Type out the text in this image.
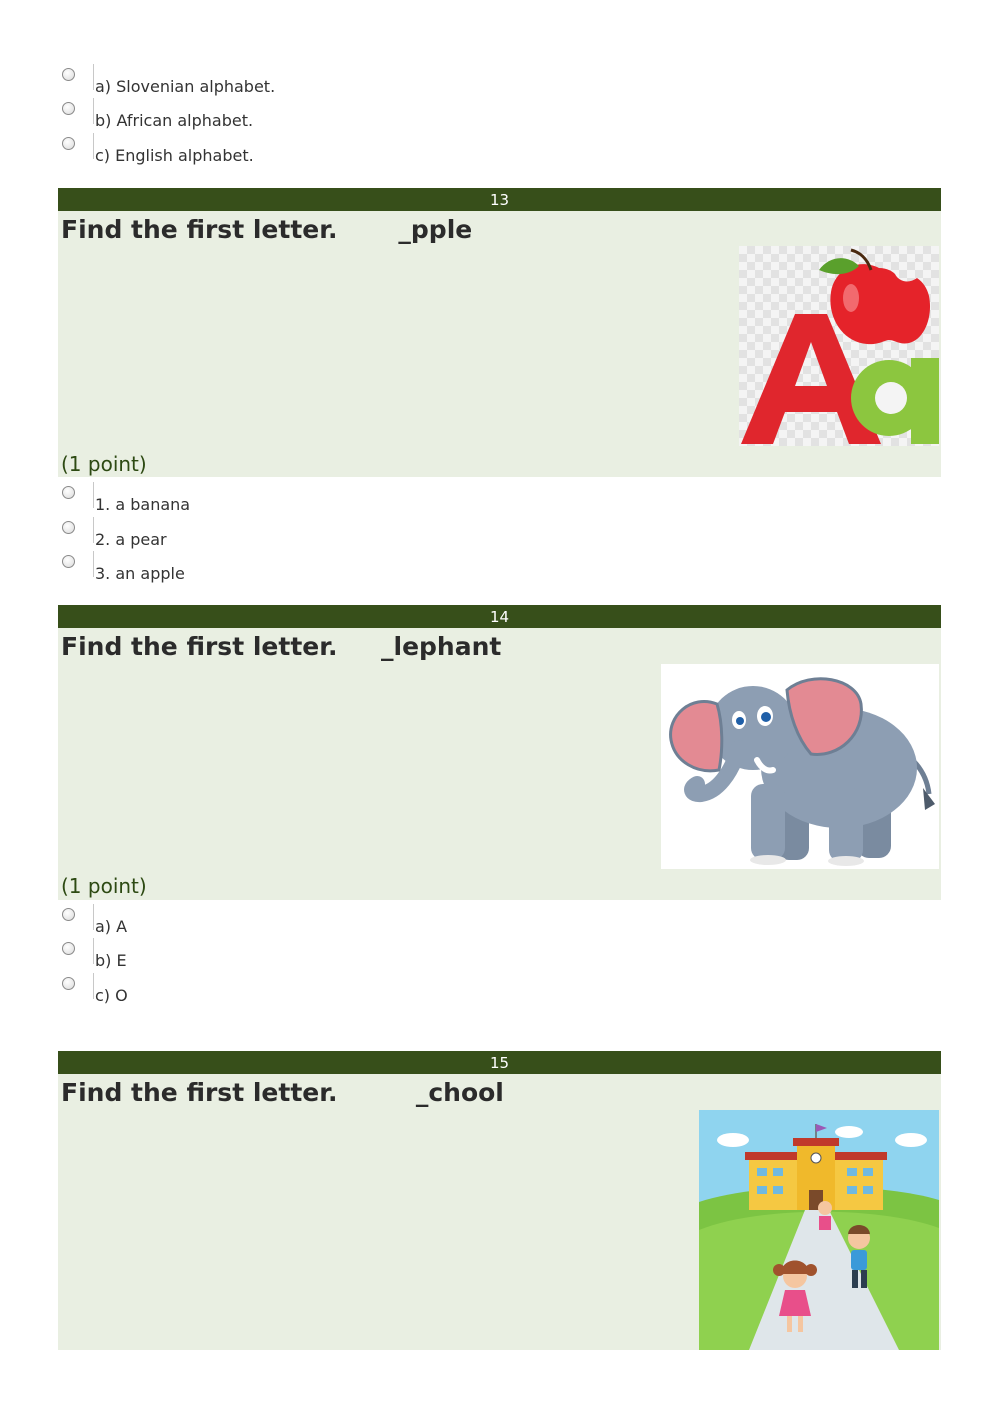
a) Slovenian alphabet.
b) African alphabet.
c) English alphabet.
13
Find the first letter.       _pple
(1 point)
1. a banana
2. a pear
3. an apple
14
Find the first letter.     _lephant
(1 point)
a) A
b) E
c) O
15
Find the first letter.         _chool
